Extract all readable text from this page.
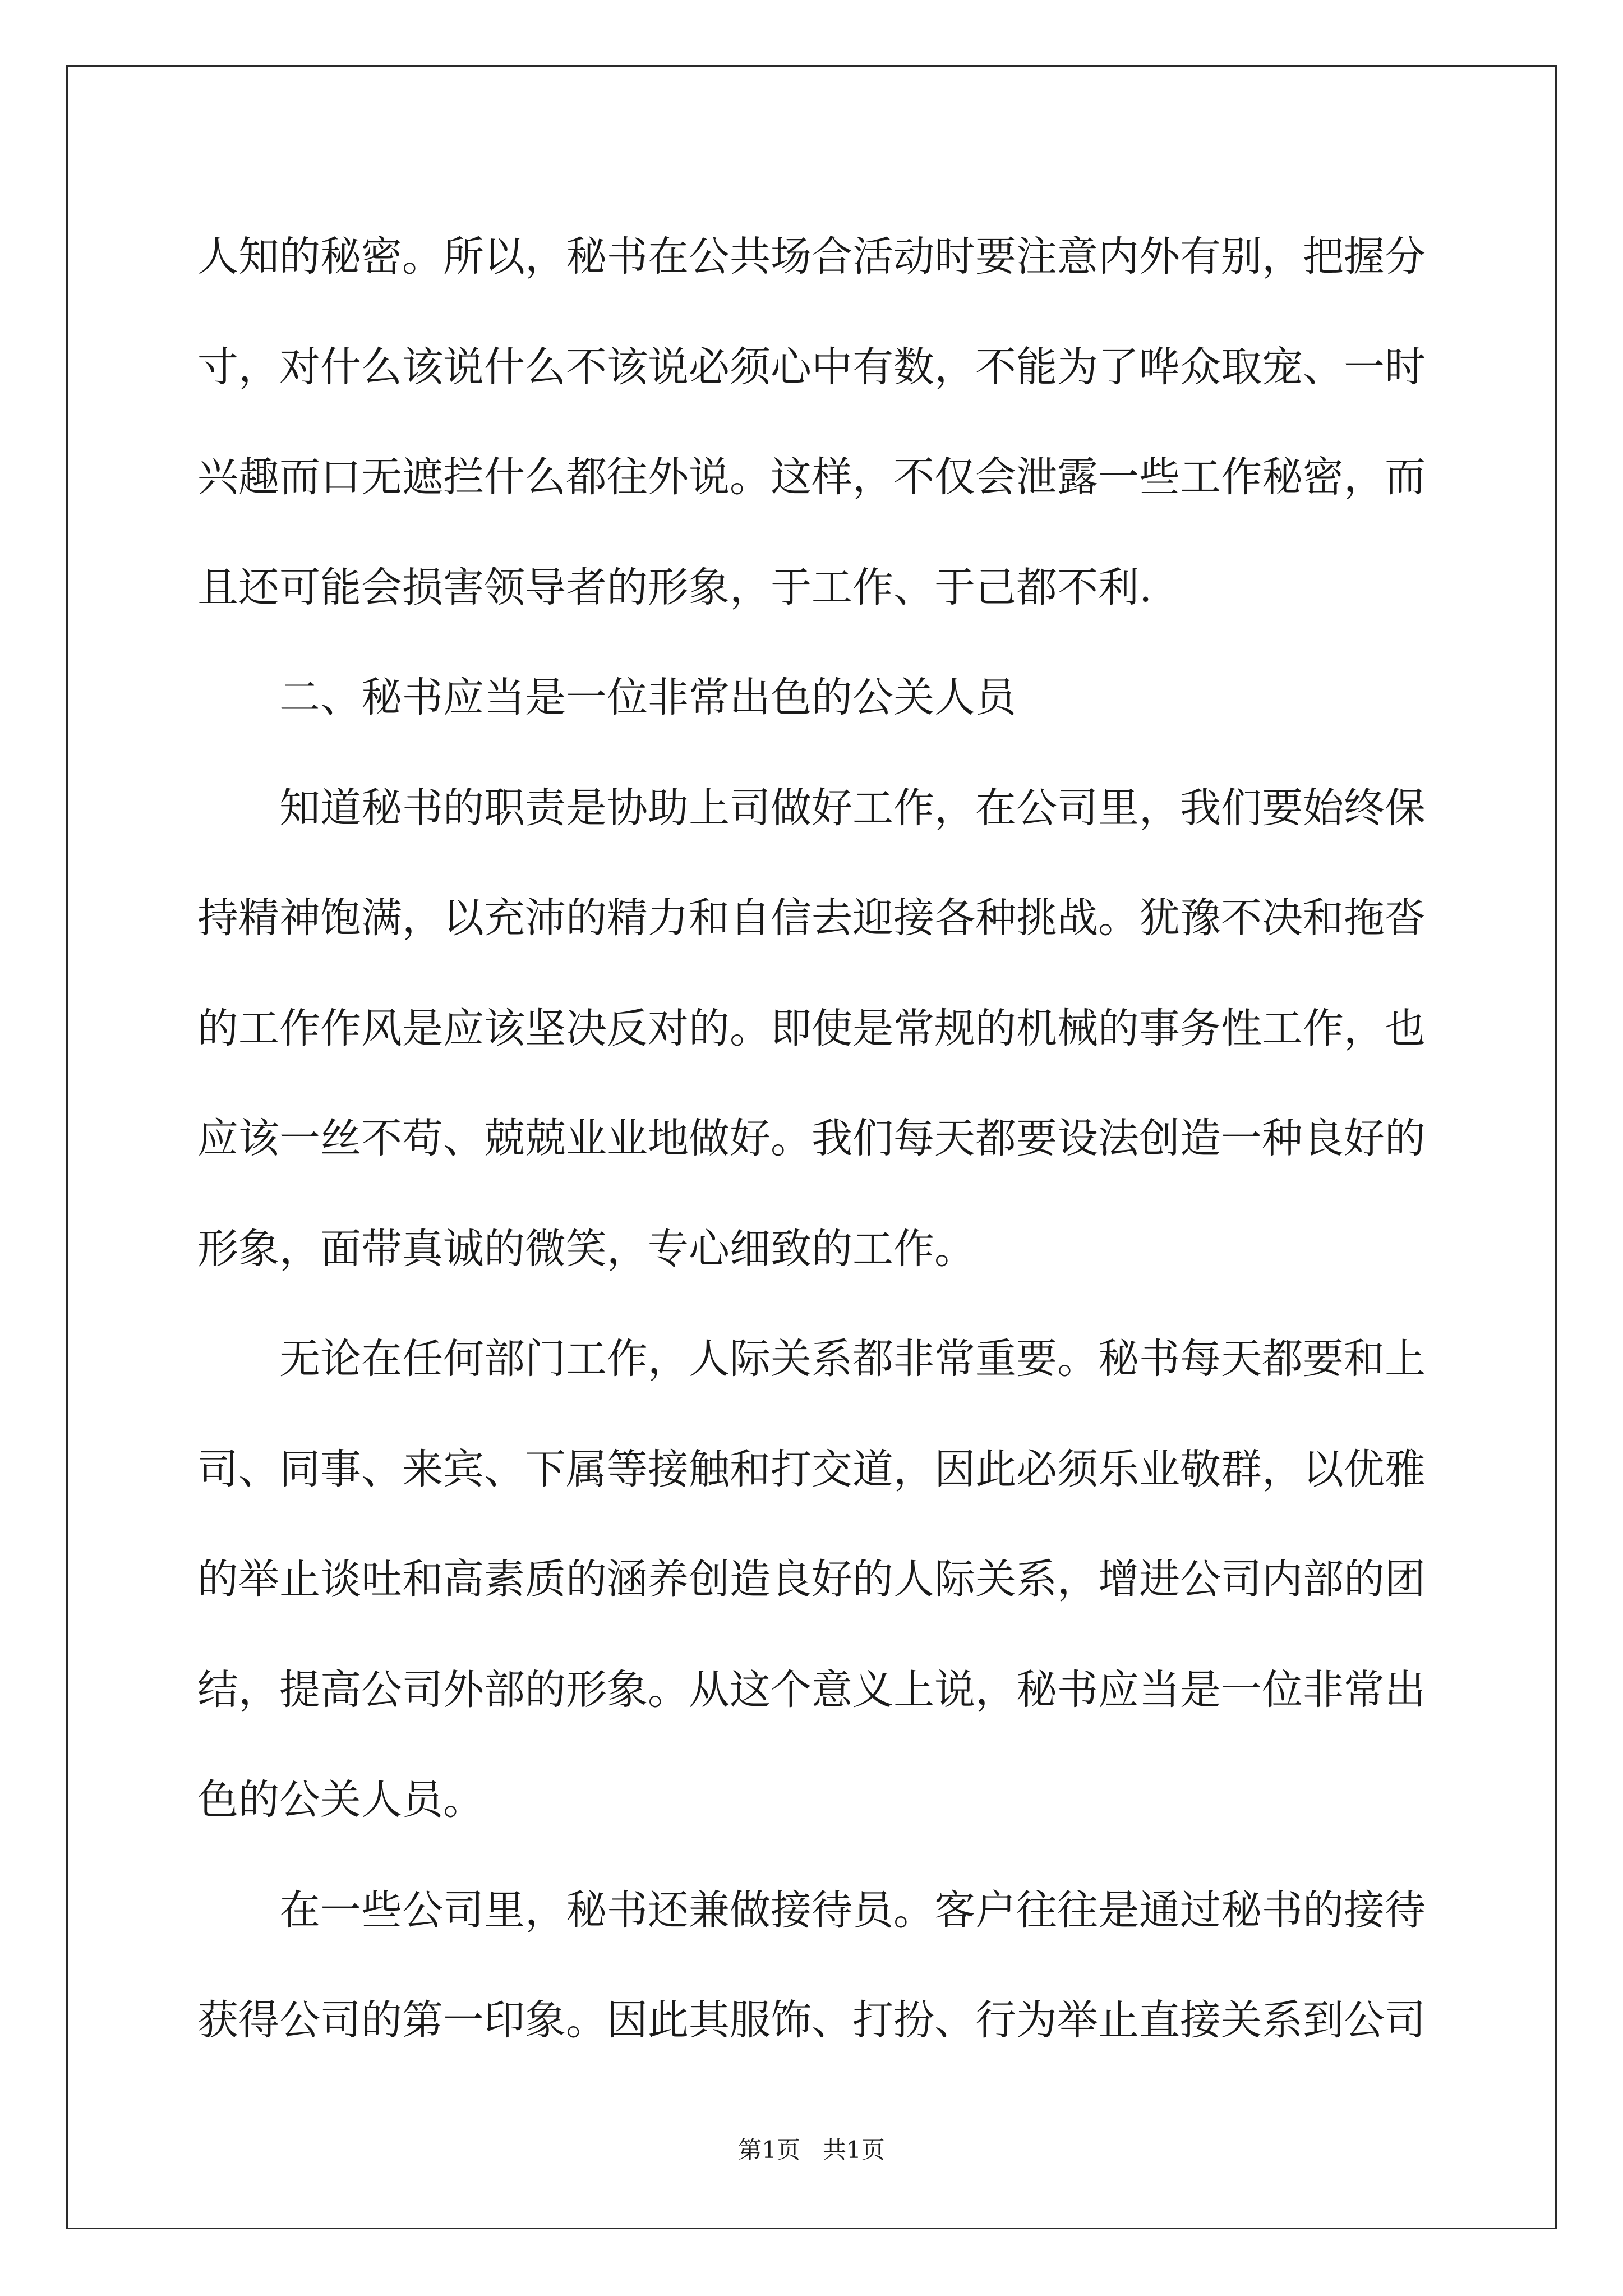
人知的秘密。所以，秘书在公共场合活动时要注意内外有别，把握分
寸，对什么该说什么不该说必须心中有数，不能为了哗众取宠、一时
兴趣而口无遮拦什么都往外说。这样，不仅会泄露一些工作秘密，而
且还可能会损害领导者的形象，于工作、于己都不利.
二、秘书应当是一位非常出色的公关人员
知道秘书的职责是协助上司做好工作，在公司里，我们要始终保
持精神饱满，以充沛的精力和自信去迎接各种挑战。犹豫不决和拖沓
的工作作风是应该坚决反对的。即使是常规的机械的事务性工作，也
应该一丝不苟、兢兢业业地做好。我们每天都要设法创造一种良好的
形象，面带真诚的微笑，专心细致的工作。
无论在任何部门工作，人际关系都非常重要。秘书每天都要和上
司、同事、来宾、下属等接触和打交道，因此必须乐业敬群，以优雅
的举止谈吐和高素质的涵养创造良好的人际关系，增进公司内部的团
结，提高公司外部的形象。从这个意义上说，秘书应当是一位非常出
色的公关人员。
在一些公司里，秘书还兼做接待员。客户往往是通过秘书的接待
获得公司的第一印象。因此其服饰、打扮、行为举止直接关系到公司
第1页   共1页
